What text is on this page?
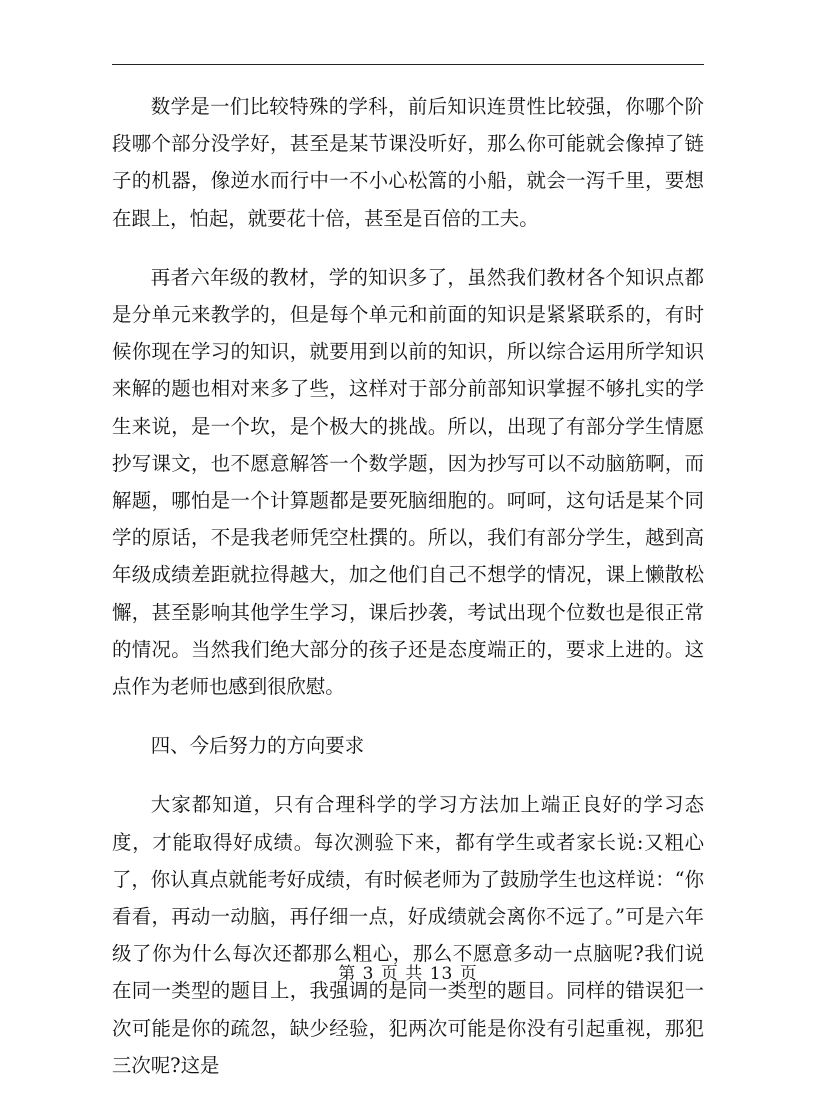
数学是一们比较特殊的学科，前后知识连贯性比较强，你哪个阶段哪个部分没学好，甚至是某节课没听好，那么你可能就会像掉了链子的机器，像逆水而行中一不小心松篙的小船，就会一泻千里，要想在跟上，怕起，就要花十倍，甚至是百倍的工夫。

再者六年级的教材，学的知识多了，虽然我们教材各个知识点都是分单元来教学的，但是每个单元和前面的知识是紧紧联系的，有时候你现在学习的知识，就要用到以前的知识，所以综合运用所学知识来解的题也相对来多了些，这样对于部分前部知识掌握不够扎实的学生来说，是一个坎，是个极大的挑战。所以，出现了有部分学生情愿抄写课文，也不愿意解答一个数学题，因为抄写可以不动脑筋啊，而解题，哪怕是一个计算题都是要死脑细胞的。呵呵，这句话是某个同学的原话，不是我老师凭空杜撰的。所以，我们有部分学生，越到高年级成绩差距就拉得越大，加之他们自己不想学的情况，课上懒散松懈，甚至影响其他学生学习，课后抄袭，考试出现个位数也是很正常的情况。当然我们绝大部分的孩子还是态度端正的，要求上进的。这点作为老师也感到很欣慰。

四、今后努力的方向要求

大家都知道，只有合理科学的学习方法加上端正良好的学习态度，才能取得好成绩。每次测验下来，都有学生或者家长说:又粗心了，你认真点就能考好成绩，有时候老师为了鼓励学生也这样说：“你看看，再动一动脑，再仔细一点，好成绩就会离你不远了。”可是六年级了你为什么每次还都那么粗心，那么不愿意多动一点脑呢?我们说在同一类型的题目上，我强调的是同一类型的题目。同样的错误犯一次可能是你的疏忽，缺少经验，犯两次可能是你没有引起重视，那犯三次呢?这是

第 3 页 共 13 页
